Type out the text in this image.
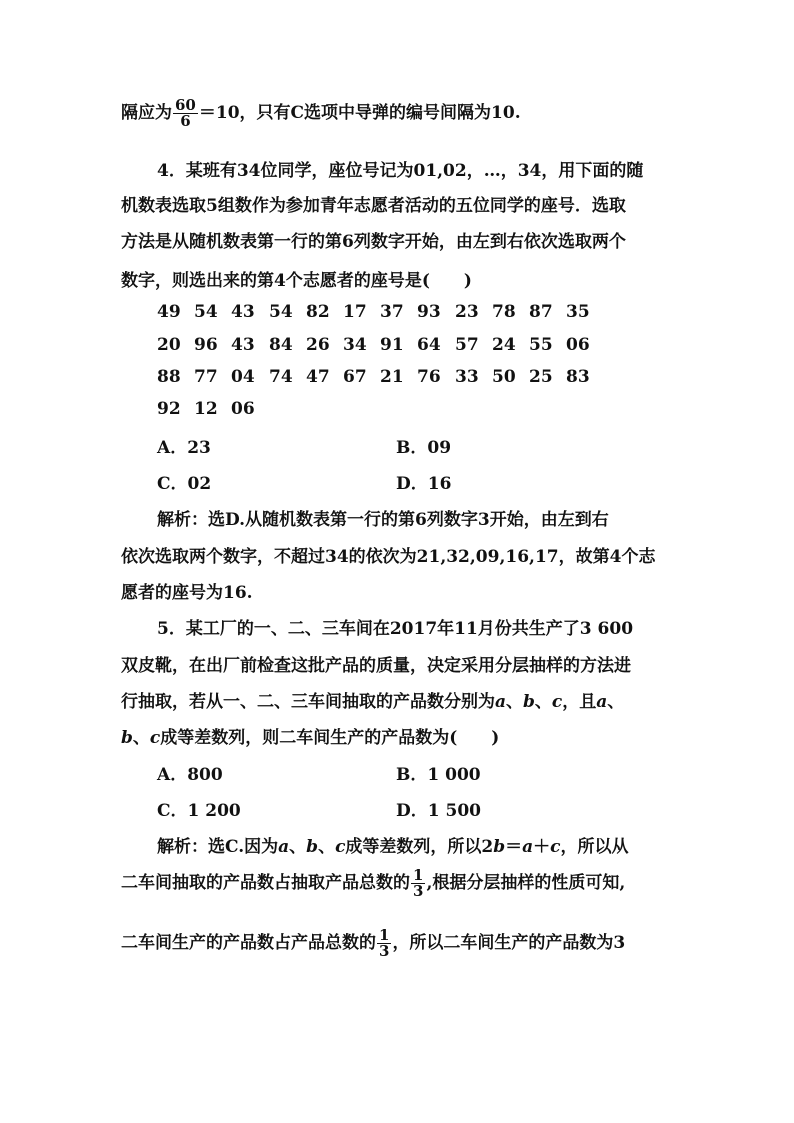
隔应为 $\frac{60}{6} =10$，只有C选项中导弹的编号间隔为10.
4．某班有34位同学，座位号记为01,02，…，34，用下面的随
机数表选取5组数作为参加青年志愿者活动的五位同学的座号．选取
方法是从随机数表第一行的第6列数字开始，由左到右依次选取两个
数字，则选出来的第4个志愿者的座号是(　　)
49 54 43 54 82 17 37 93 23 78 87 35
20 96 43 84 26 34 91 64 57 24 55 06
88 77 04 74 47 67 21 76 33 50 25 83
92 12 06
A．23	B．09
C．02	D．16
解析：选D.从随机数表第一行的第6列数字3开始，由左到右
依次选取两个数字，不超过34的依次为21,32,09,16,17，故第4个志
愿者的座号为16.
5．某工厂的一、二、三车间在2017年11月份共生产了3 600
双皮靴，在出厂前检查这批产品的质量，决定采用分层抽样的方法进
行抽取，若从一、二、三车间抽取的产品数分别为a、b、c，且a、
b、c成等差数列，则二车间生产的产品数为(　　)
A．800	B．1 000
C．1 200	D．1 500
解析：选C.因为a、b、c成等差数列，所以2b＝a＋c，所以从
二车间抽取的产品数占抽取产品总数的 $\frac{1}{3}$ ,根据分层抽样的性质可知,
二车间生产的产品数占产品总数的 $\frac{1}{3}$ ，所以二车间生产的产品数为3
